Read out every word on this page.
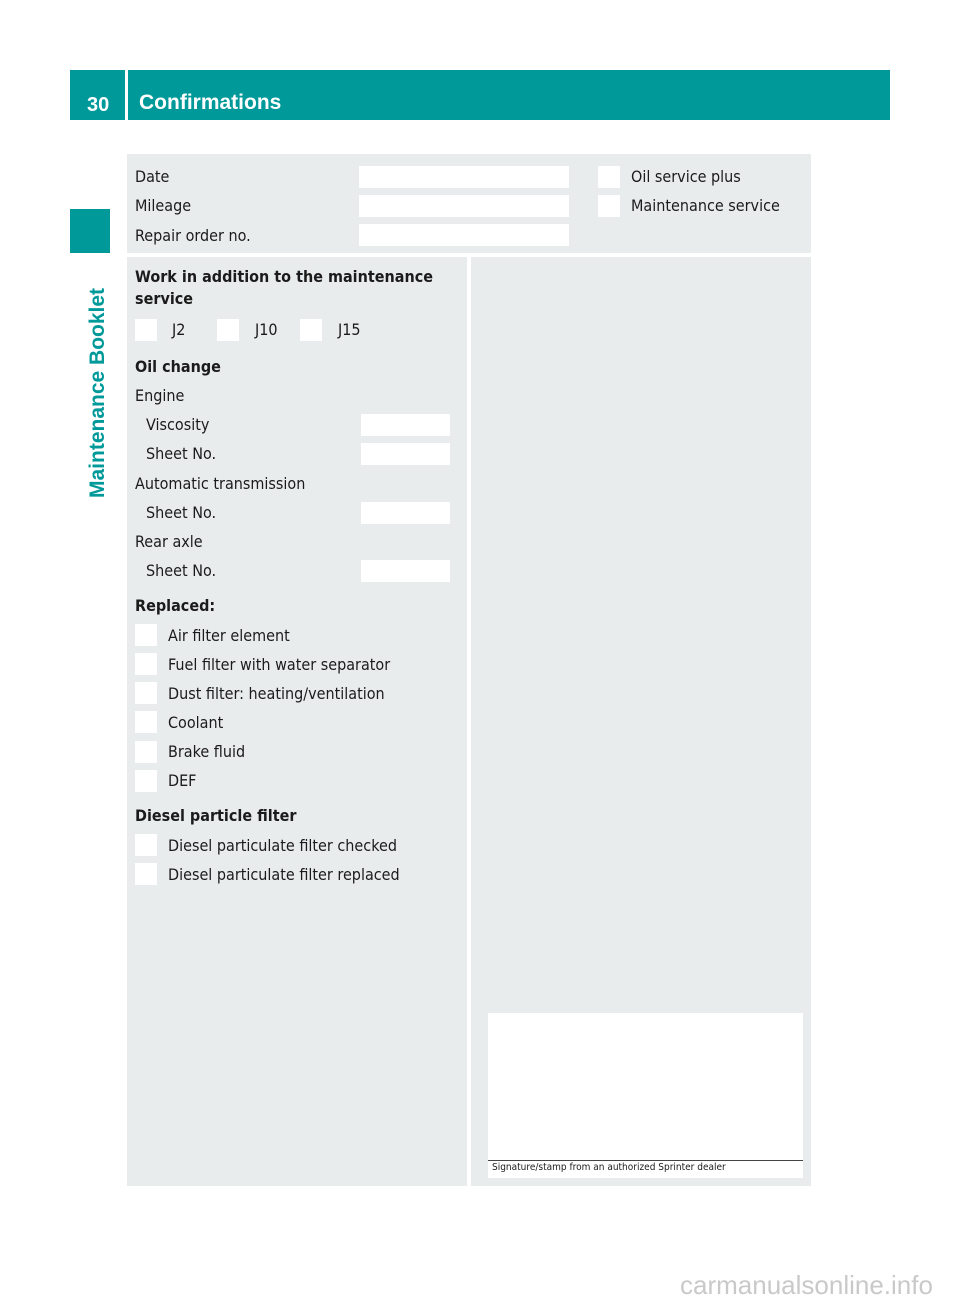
30	Confirmations
Maintenance Booklet
Date
Mileage
Repair order no.
Oil service plus
Maintenance service
Work in addition to the maintenance
service
J2	J10	J15
Oil change
Engine
Viscosity
Sheet No.
Automatic transmission
Sheet No.
Rear axle
Sheet No.
Replaced:
Air filter element
Fuel filter with water separator
Dust filter: heating/ventilation
Coolant
Brake fluid
DEF
Diesel particle filter
Diesel particulate filter checked
Diesel particulate filter replaced
Signature/stamp from an authorized Sprinter dealer
carmanualsonline.info
